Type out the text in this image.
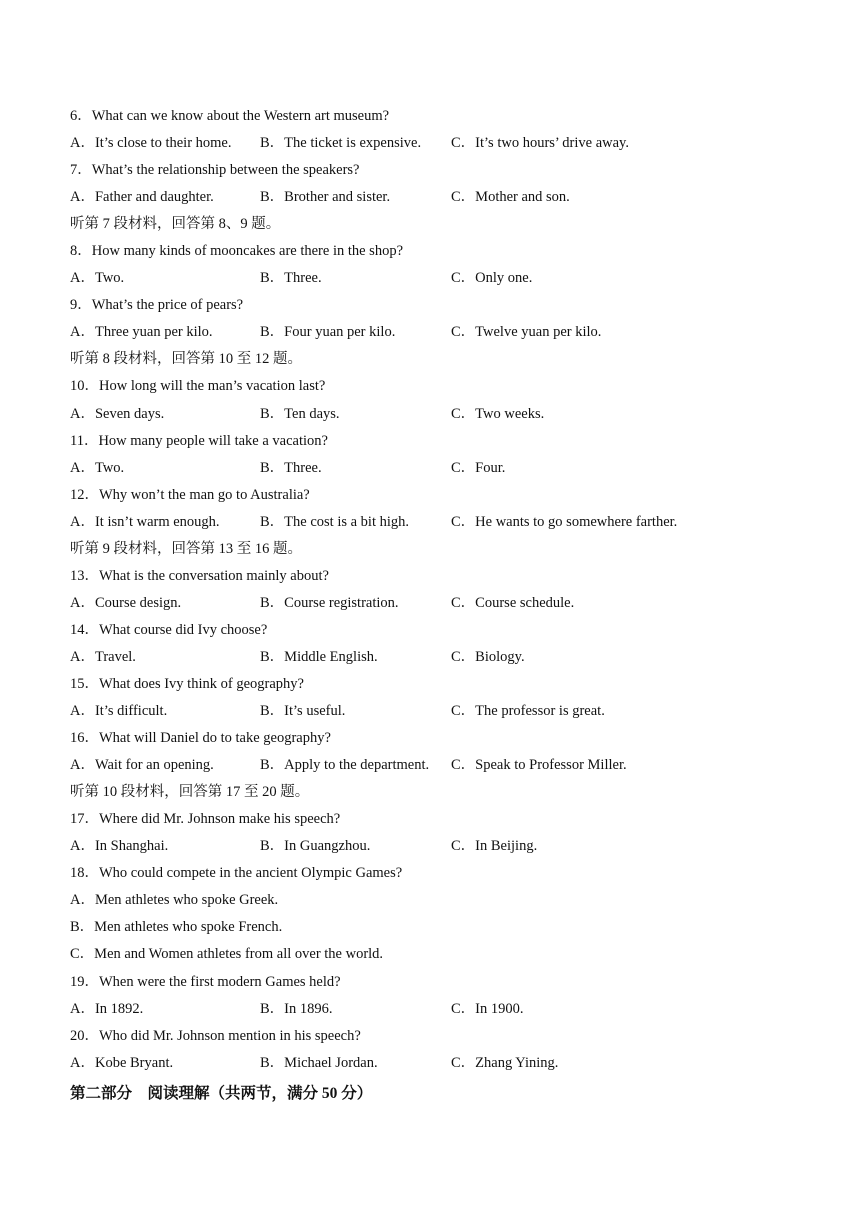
6．What can we know about the Western art museum?
A．It’s close to their home.	B．The ticket is expensive.	C．It’s two hours’ drive away.
7．What’s the relationship between the speakers?
A．Father and daughter.	B．Brother and sister.	C．Mother and son.
听第 7 段材料，回答第 8、9 题。
8．How many kinds of mooncakes are there in the shop?
A．Two.	B．Three.	C．Only one.
9．What’s the price of pears?
A．Three yuan per kilo.	B．Four yuan per kilo.	C．Twelve yuan per kilo.
听第 8 段材料，回答第 10 至 12 题。
10．How long will the man’s vacation last?
A．Seven days.	B．Ten days.	C．Two weeks.
11．How many people will take a vacation?
A．Two.	B．Three.	C．Four.
12．Why won’t the man go to Australia?
A．It isn’t warm enough.	B．The cost is a bit high.	C．He wants to go somewhere farther.
听第 9 段材料，回答第 13 至 16 题。
13．What is the conversation mainly about?
A．Course design.	B．Course registration.	C．Course schedule.
14．What course did Ivy choose?
A．Travel.	B．Middle English.	C．Biology.
15．What does Ivy think of geography?
A．It’s difficult.	B．It’s useful.	C．The professor is great.
16．What will Daniel do to take geography?
A．Wait for an opening.	B．Apply to the department.	C．Speak to Professor Miller.
听第 10 段材料，回答第 17 至 20 题。
17．Where did Mr. Johnson make his speech?
A．In Shanghai.	B．In Guangzhou.	C．In Beijing.
18．Who could compete in the ancient Olympic Games?
A．Men athletes who spoke Greek.
B．Men athletes who spoke French.
C．Men and Women athletes from all over the world.
19．When were the first modern Games held?
A．In 1892.	B．In 1896.	C．In 1900.
20．Who did Mr. Johnson mention in his speech?
A．Kobe Bryant.	B．Michael Jordan.	C．Zhang Yining.
第二部分　阅读理解（共两节，满分 50 分）
